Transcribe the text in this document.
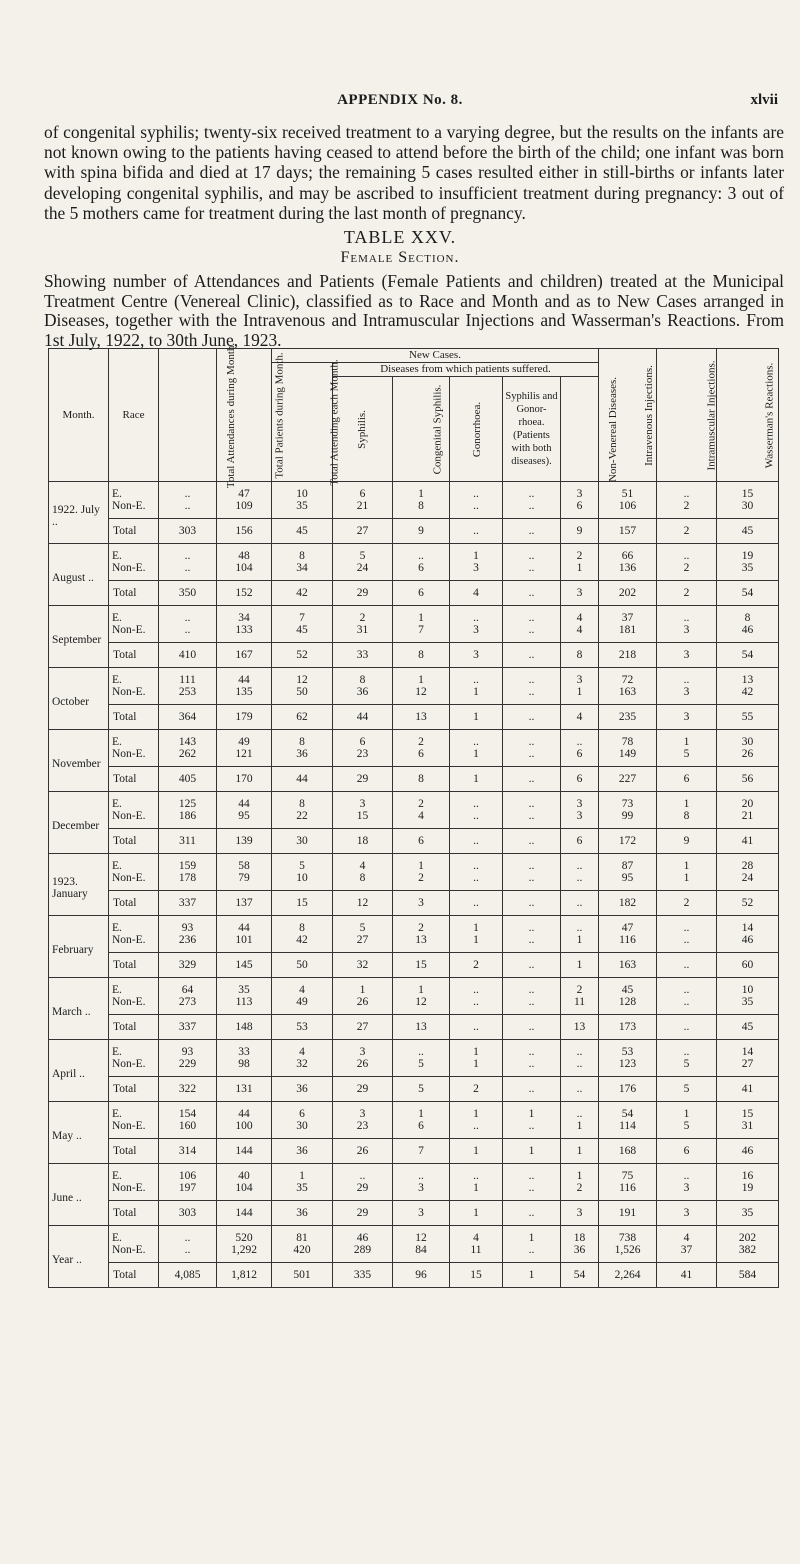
APPENDIX No. 8.	xlvii
of congenital syphilis; twenty-six received treatment to a varying degree, but the results on the infants are not known owing to the patients having ceased to attend before the birth of the child; one infant was born with spina bifida and died at 17 days; the remaining 5 cases resulted either in still-births or infants later developing congenital syphilis, and may be ascribed to insufficient treatment during pregnancy: 3 out of the 5 mothers came for treatment during the last month of pregnancy.
TABLE XXV.
Female Section.
Showing number of Attendances and Patients (Female Patients and children) treated at the Municipal Treatment Centre (Venereal Clinic), classified as to Race and Month and as to New Cases arranged in Diseases, together with the Intravenous and Intramuscular Injections and Wasserman's Reactions. From 1st July, 1922, to 30th June, 1923.
Month.	Race	Total Attendances during Month.	Total Patients during Month.	New Cases.						Intravenous Injections.	Intramuscular Injections.	Wasserman's Reactions.
				Total Attending each Month.	Diseases from which patients suffered.							
					Syphilis.	Congenital Syphilis.	Gonorrhoea.	Syphilis and Gonor-rhoea. (Patients with both diseases).	Non-Venereal Diseases.			
1922. July ..	E.	..	47	10	6	1	..	..	3	51	..	15
	Non-E.	..	109	35	21	8	..	..	6	106	2	30
	Total	303	156	45	27	9	..	..	9	157	2	45
August ..	E.	..	48	8	5	..	1	..	2	66	..	19
	Non-E.	..	104	34	24	6	3	..	1	136	2	35
	Total	350	152	42	29	6	4	..	3	202	2	54
September	E.	..	34	7	2	1	..	..	4	37	..	8
	Non-E.	..	133	45	31	7	3	..	4	181	3	46
	Total	410	167	52	33	8	3	..	8	218	3	54
October	E.	111	44	12	8	1	..	..	3	72	..	13
	Non-E.	253	135	50	36	12	1	..	1	163	3	42
	Total	364	179	62	44	13	1	..	4	235	3	55
November	E.	143	49	8	6	2	..	..	..	78	1	30
	Non-E.	262	121	36	23	6	1	..	6	149	5	26
	Total	405	170	44	29	8	1	..	6	227	6	56
December	E.	125	44	8	3	2	..	..	3	73	1	20
	Non-E.	186	95	22	15	4	..	..	3	99	8	21
	Total	311	139	30	18	6	..	..	6	172	9	41
1923. January	E.	159	58	5	4	1	..	..	..	87	1	28
	Non-E.	178	79	10	8	2	..	..	..	95	1	24
	Total	337	137	15	12	3	..	..	..	182	2	52
February	E.	93	44	8	5	2	1	..	..	47	..	14
	Non-E.	236	101	42	27	13	1	..	1	116	..	46
	Total	329	145	50	32	15	2	..	1	163	..	60
March ..	E.	64	35	4	1	1	..	..	2	45	..	10
	Non-E.	273	113	49	26	12	..	..	11	128	..	35
	Total	337	148	53	27	13	..	..	13	173	..	45
April ..	E.	93	33	4	3	..	1	..	..	53	..	14
	Non-E.	229	98	32	26	5	1	..	..	123	5	27
	Total	322	131	36	29	5	2	..	..	176	5	41
May ..	E.	154	44	6	3	1	1	1	..	54	1	15
	Non-E.	160	100	30	23	6	..	..	1	114	5	31
	Total	314	144	36	26	7	1	1	1	168	6	46
June ..	E.	106	40	1	..	..	..	..	1	75	..	16
	Non-E.	197	104	35	29	3	1	..	2	116	3	19
	Total	303	144	36	29	3	1	..	3	191	3	35
Year ..	E.	..	520	81	46	12	4	1	18	738	4	202
	Non-E.	..	1,292	420	289	84	11	..	36	1,526	37	382
	Total	4,085	1,812	501	335	96	15	1	54	2,264	41	584
